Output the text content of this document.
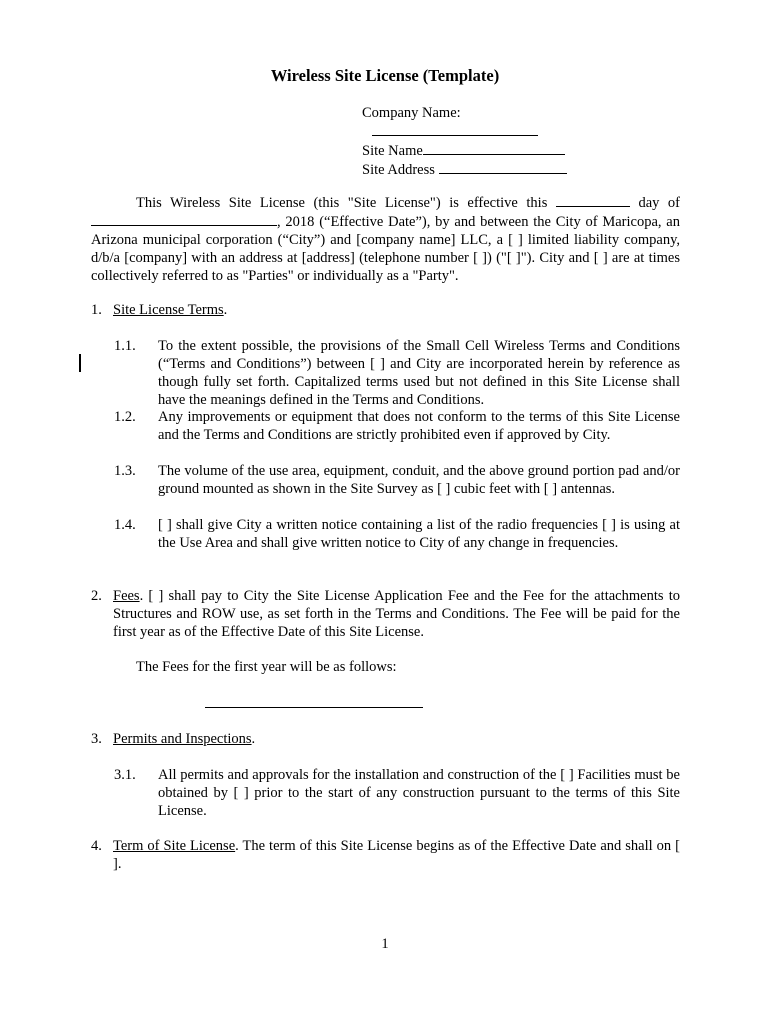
Wireless Site License (Template)
Company Name:
Site Name
Site Address
This Wireless Site License (this "Site License") is effective this	day of , 2018 (“Effective Date”), by and between the City of Maricopa, an Arizona municipal corporation (“City”) and [company name] LLC, a [ ] limited liability company, d/b/a [company] with an address at [address] (telephone number [ ]) ("[ ]"). City and [ ] are at times collectively referred to as "Parties" or individually as a "Party".
1. Site License Terms.
1.1. To the extent possible, the provisions of the Small Cell Wireless Terms and Conditions (“Terms and Conditions”) between [ ] and City are incorporated herein by reference as though fully set forth. Capitalized terms used but not defined in this Site License shall have the meanings defined in the Terms and Conditions.
1.2. Any improvements or equipment that does not conform to the terms of this Site License and the Terms and Conditions are strictly prohibited even if approved by City.
1.3. The volume of the use area, equipment, conduit, and the above ground portion pad and/or ground mounted as shown in the Site Survey as [ ] cubic feet with [ ] antennas.
1.4. [ ] shall give City a written notice containing a list of the radio frequencies [ ] is using at the Use Area and shall give written notice to City of any change in frequencies.
2. Fees. [ ] shall pay to City the Site License Application Fee and the Fee for the attachments to Structures and ROW use, as set forth in the Terms and Conditions. The Fee will be paid for the first year as of the Effective Date of this Site License.
The Fees for the first year will be as follows:
3. Permits and Inspections.
3.1. All permits and approvals for the installation and construction of the [ ] Facilities must be obtained by [ ] prior to the start of any construction pursuant to the terms of this Site License.
4. Term of Site License. The term of this Site License begins as of the Effective Date and shall on [ ].
1
